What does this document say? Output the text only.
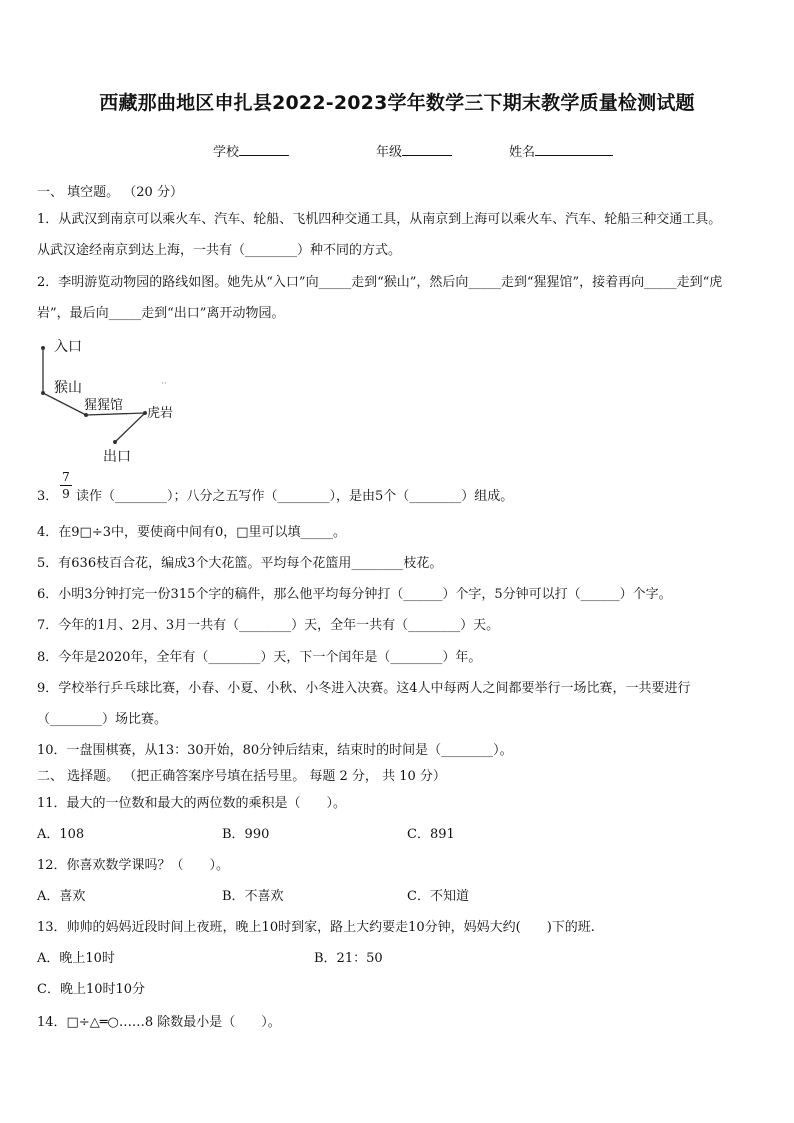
西藏那曲地区申扎县2022-2023学年数学三下期末教学质量检测试题
学校	年级	姓名
一、 填空题。 （20 分）
1．从武汉到南京可以乘火车、汽车、轮船、飞机四种交通工具，从南京到上海可以乘火车、汽车、轮船三种交通工具。
从武汉途经南京到达上海，一共有（________）种不同的方式。
2．李明游览动物园的路线如图。她先从“入口”向_____走到“猴山”，然后向_____走到“猩猩馆”，接着再向_____走到“虎
岩”，最后向_____走到“出口”离开动物园。
入口
猴山
猩猩馆
虎岩
出口
··
3．
7
9 读作（________）；八分之五写作（________），是由5个（________）组成。
4．在9□÷3中，要使商中间有0，□里可以填_____。
5．有636枝百合花，编成3个大花篮。平均每个花篮用________枝花。
6．小明3分钟打完一份315个字的稿件，那么他平均每分钟打（______）个字，5分钟可以打（______）个字。
7．今年的1月、2月、3月一共有（________）天，全年一共有（________）天。
8．今年是2020年，全年有（________）天，下一个闰年是（________）年。
9．学校举行乒乓球比赛，小春、小夏、小秋、小冬进入决赛。这4人中每两人之间都要举行一场比赛，一共要进行
（________）场比赛。
10．一盘围棋赛，从13：30开始，80分钟后结束，结束时的时间是（________）。
二、 选择题。 （把正确答案序号填在括号里。 每题 2 分， 共 10 分）
11．最大的一位数和最大的两位数的乘积是（　　）。
A．108	B．990	C．891
12．你喜欢数学课吗？（　　）。
A．喜欢	B．不喜欢	C．不知道
13．帅帅的妈妈近段时间上夜班，晚上10时到家，路上大约要走10分钟，妈妈大约(　　)下的班.
A．晚上10时	B．21：50
C．晚上10时10分
14．□÷△═○……8 除数最小是（　　）。
